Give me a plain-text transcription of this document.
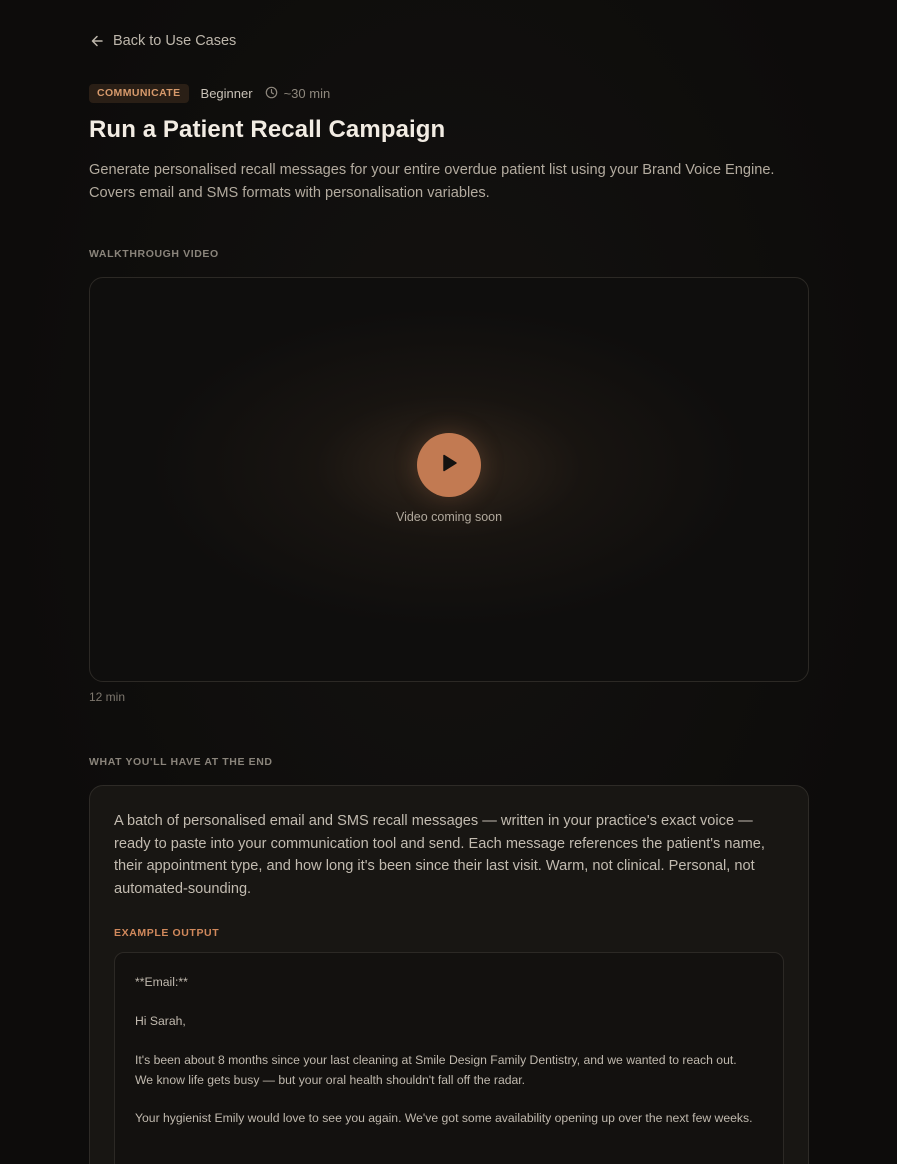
Back to Use Cases
COMMUNICATE	Beginner ~30 min
Run a Patient Recall Campaign

Generate personalised recall messages for your entire overdue patient list using your Brand Voice Engine. Covers email and SMS formats with personalisation variables.

WALKTHROUGH VIDEO
Video coming soon
12 min
WHAT YOU'LL HAVE AT THE END

A batch of personalised email and SMS recall messages — written in your practice's exact voice — ready to paste into your communication tool and send. Each message references the patient's name, their appointment type, and how long it's been since their last visit. Warm, not clinical. Personal, not automated-sounding.

EXAMPLE OUTPUT

**Email:**

Hi Sarah,

It's been about 8 months since your last cleaning at Smile Design Family Dentistry, and we wanted to reach out. We know life gets busy — but your oral health shouldn't fall off the radar.

Your hygienist Emily would love to see you again. We've got some availability opening up over the next few weeks.
